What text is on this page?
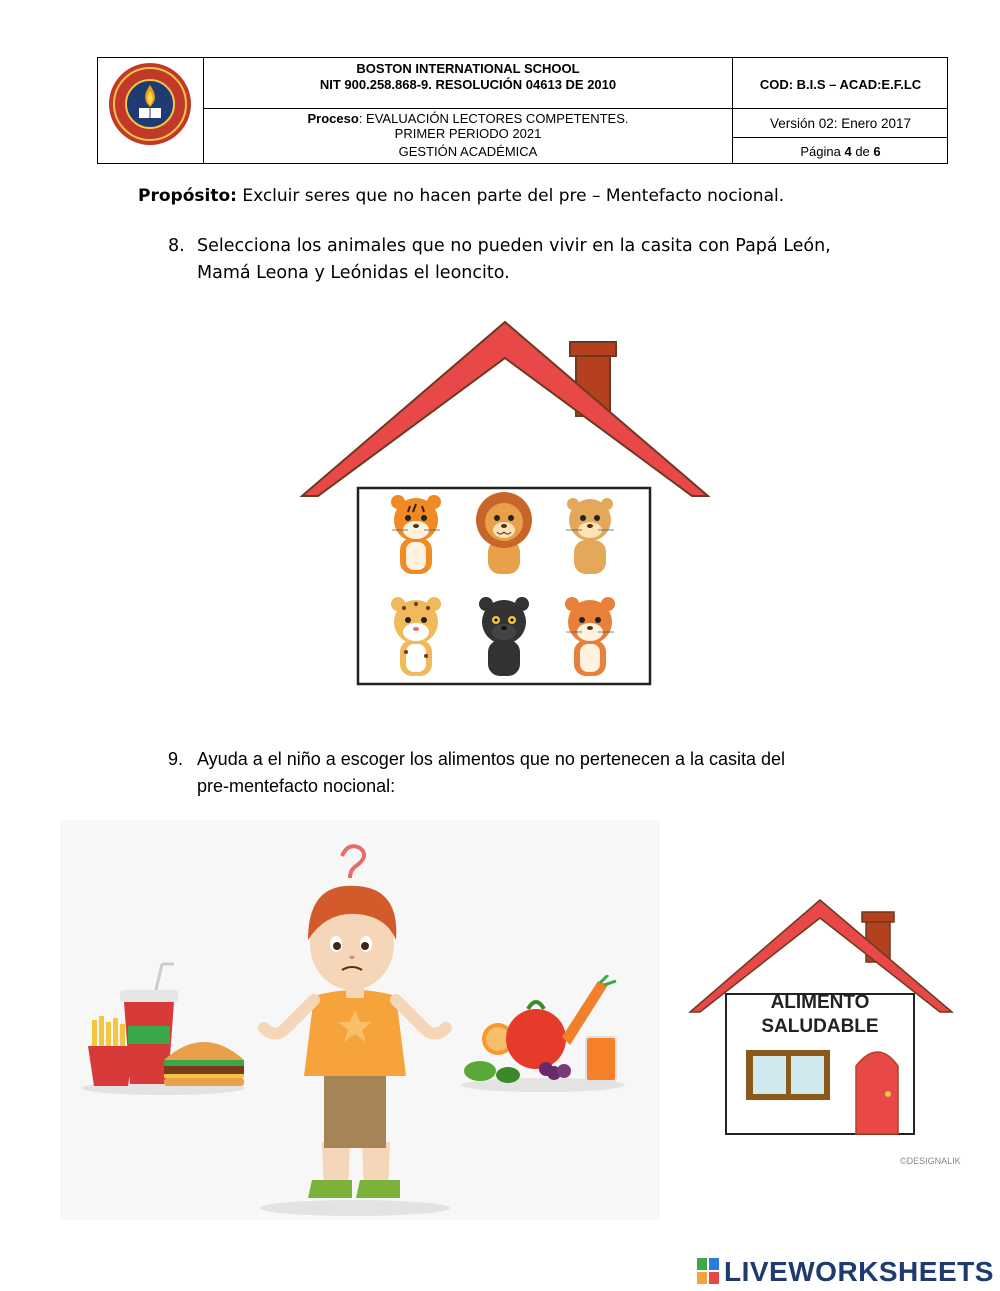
BOSTON INTERNATIONAL SCHOOL
NIT 900.258.868-9. RESOLUCIÓN 04613 DE 2010	COD: B.I.S – ACAD:E.F.LC
Proceso: EVALUACIÓN LECTORES COMPETENTES.
PRIMER PERIODO 2021
GESTIÓN ACADÉMICA
Versión 02: Enero 2017
Página 4 de 6
Propósito: Excluir seres que no hacen parte del pre – Mentefacto nocional.
8. Selecciona los animales que no pueden vivir en la casita con Papá León,
Mamá Leona y Leónidas el leoncito.
9. Ayuda a el niño a escoger los alimentos que no pertenecen a la casita del
pre-mentefacto nocional:
ALIMENTO
SALUDABLE
©DESIGNALIK
LIVEWORKSHEETS
